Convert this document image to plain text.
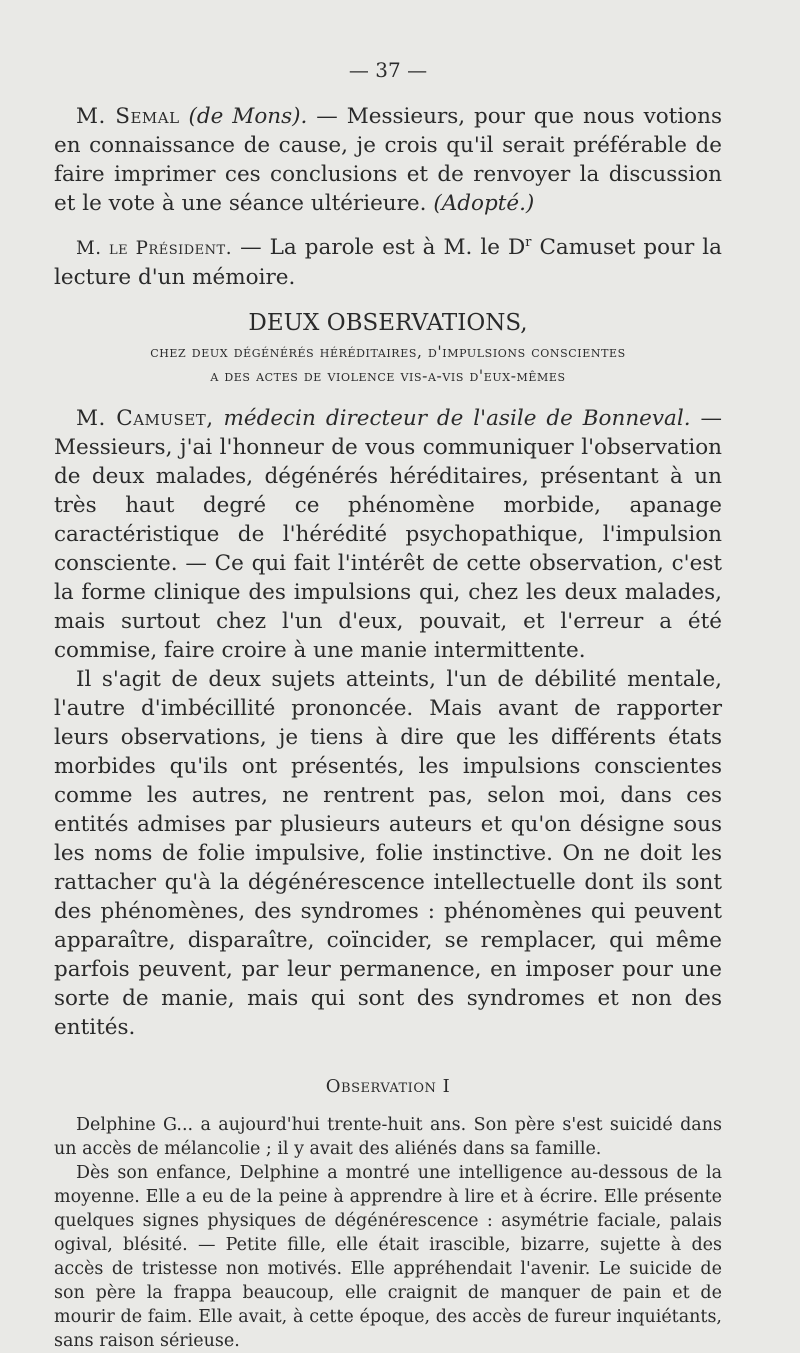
— 37 —

M. Semal (de Mons). — Messieurs, pour que nous votions en connaissance de cause, je crois qu'il serait préférable de faire imprimer ces conclusions et de renvoyer la discussion et le vote à une séance ultérieure. (Adopté.)

M. le Président. — La parole est à M. le $D^r$ Camuset pour la lecture d'un mémoire.

DEUX OBSERVATIONS,

chez deux dégénérés héréditaires, d'impulsions conscientes

a des actes de violence vis-a-vis d'eux-mêmes

M. Camuset, médecin directeur de l'asile de Bonneval. — Messieurs, j'ai l'honneur de vous communiquer l'observation de deux malades, dégénérés héréditaires, présentant à un très haut degré ce phénomène morbide, apanage caractéristique de l'hérédité psychopathique, l'impulsion consciente. — Ce qui fait l'intérêt de cette observation, c'est la forme clinique des impulsions qui, chez les deux malades, mais surtout chez l'un d'eux, pouvait, et l'erreur a été commise, faire croire à une manie intermittente.

Il s'agit de deux sujets atteints, l'un de débilité mentale, l'autre d'imbécillité prononcée. Mais avant de rapporter leurs observations, je tiens à dire que les différents états morbides qu'ils ont présentés, les impulsions conscientes comme les autres, ne rentrent pas, selon moi, dans ces entités admises par plusieurs auteurs et qu'on désigne sous les noms de folie impulsive, folie instinctive. On ne doit les rattacher qu'à la dégénérescence intellectuelle dont ils sont des phénomènes, des syndromes : phénomènes qui peuvent apparaître, disparaître, coïncider, se remplacer, qui même parfois peuvent, par leur permanence, en imposer pour une sorte de manie, mais qui sont des syndromes et non des entités.

Observation I

Delphine G... a aujourd'hui trente-huit ans. Son père s'est suicidé dans un accès de mélancolie ; il y avait des aliénés dans sa famille.

Dès son enfance, Delphine a montré une intelligence au-dessous de la moyenne. Elle a eu de la peine à apprendre à lire et à écrire. Elle présente quelques signes physiques de dégénérescence : asymétrie faciale, palais ogival, blésité. — Petite fille, elle était irascible, bizarre, sujette à des accès de tristesse non motivés. Elle appréhendait l'avenir. Le suicide de son père la frappa beaucoup, elle craignit de manquer de pain et de mourir de faim. Elle avait, à cette époque, des accès de fureur inquiétants, sans raison sérieuse.
